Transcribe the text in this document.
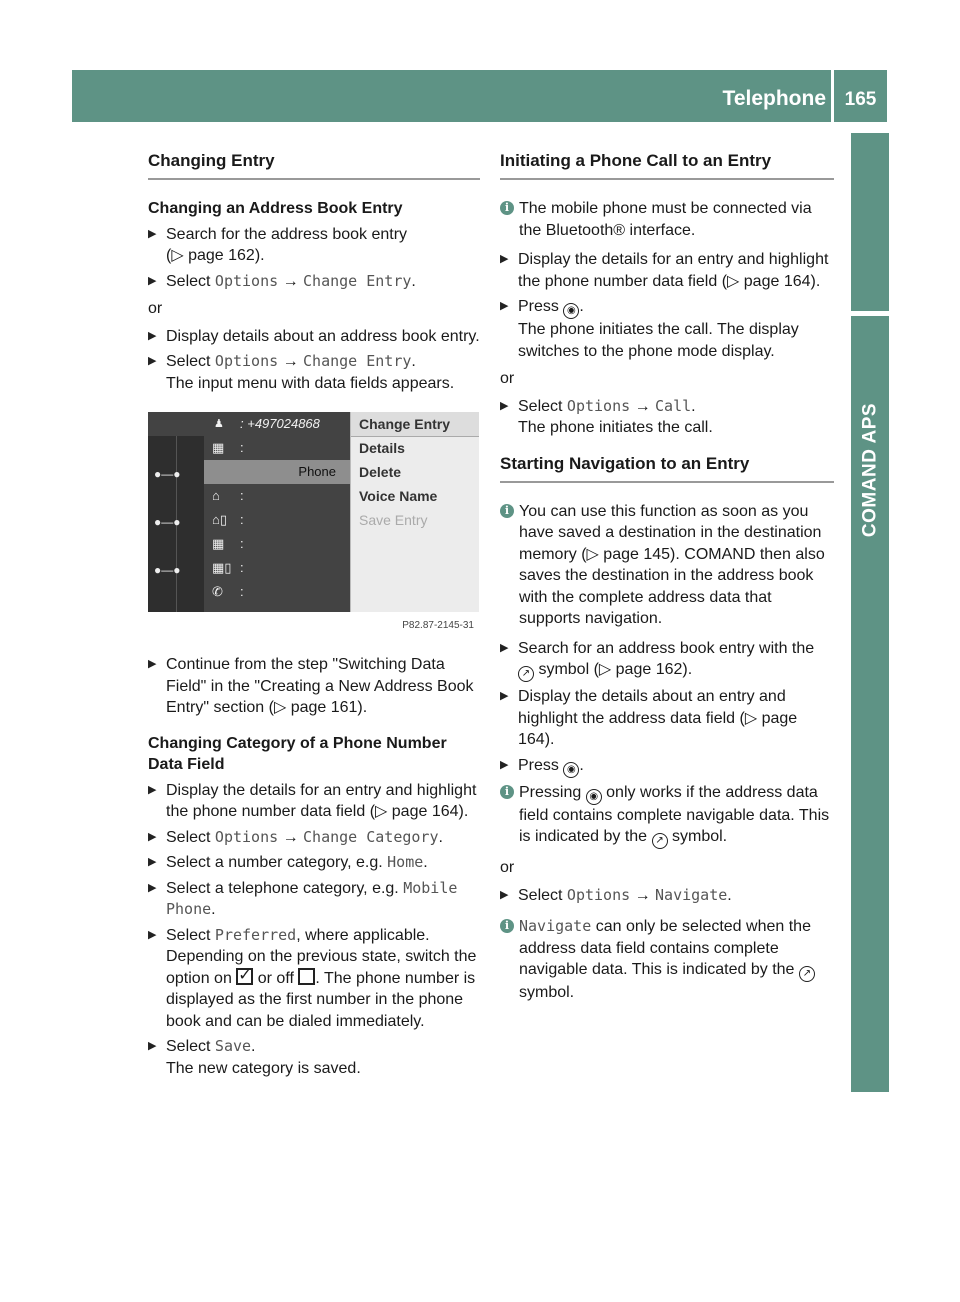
Telephone 165
COMAND APS
Changing Entry
Changing an Address Book Entry
▶ Search for the address book entry
(▷ page 162).
▶ Select Options → Change Entry.
or
▶ Display details about an address book entry.
▶ Select Options → Change Entry.
The input menu with data fields appears.
♟ : +497024868
▦ :
Phone
⌂ :
⌂▯ :
▦ :
▦▯ :
✆ :
●—●
●—●
●—●
Change Entry
Details
Delete
Voice Name
Save Entry
P82.87-2145-31
▶ Continue from the step "Switching Data Field" in the "Creating a New Address Book Entry" section (▷ page 161).
Changing Category of a Phone Number Data Field
▶ Display the details for an entry and highlight the phone number data field (▷ page 164).
▶ Select Options → Change Category.
▶ Select a number category, e.g. Home.
▶ Select a telephone category, e.g. Mobile Phone.
▶ Select Preferred, where applicable.
Depending on the previous state, switch the option on ✓ or off . The phone number is displayed as the first number in the phone book and can be dialed immediately.
▶ Select Save.
The new category is saved.
Initiating a Phone Call to an Entry
i The mobile phone must be connected via the Bluetooth® interface.
▶ Display the details for an entry and highlight the phone number data field (▷ page 164).
▶ Press ◉ .
The phone initiates the call. The display switches to the phone mode display.
or
▶ Select Options → Call.
The phone initiates the call.
Starting Navigation to an Entry
i You can use this function as soon as you have saved a destination in the destination memory (▷ page 145). COMAND then also saves the destination in the address book with the complete address data that supports navigation.
▶ Search for an address book entry with the ↗ symbol (▷ page 162).
▶ Display the details about an entry and highlight the address data field (▷ page 164).
▶ Press ◉ .
i Pressing ◉ only works if the address data field contains complete navigable data. This is indicated by the ↗ symbol.
or
▶ Select Options → Navigate.
i Navigate can only be selected when the address data field contains complete navigable data. This is indicated by the ↗ symbol.
